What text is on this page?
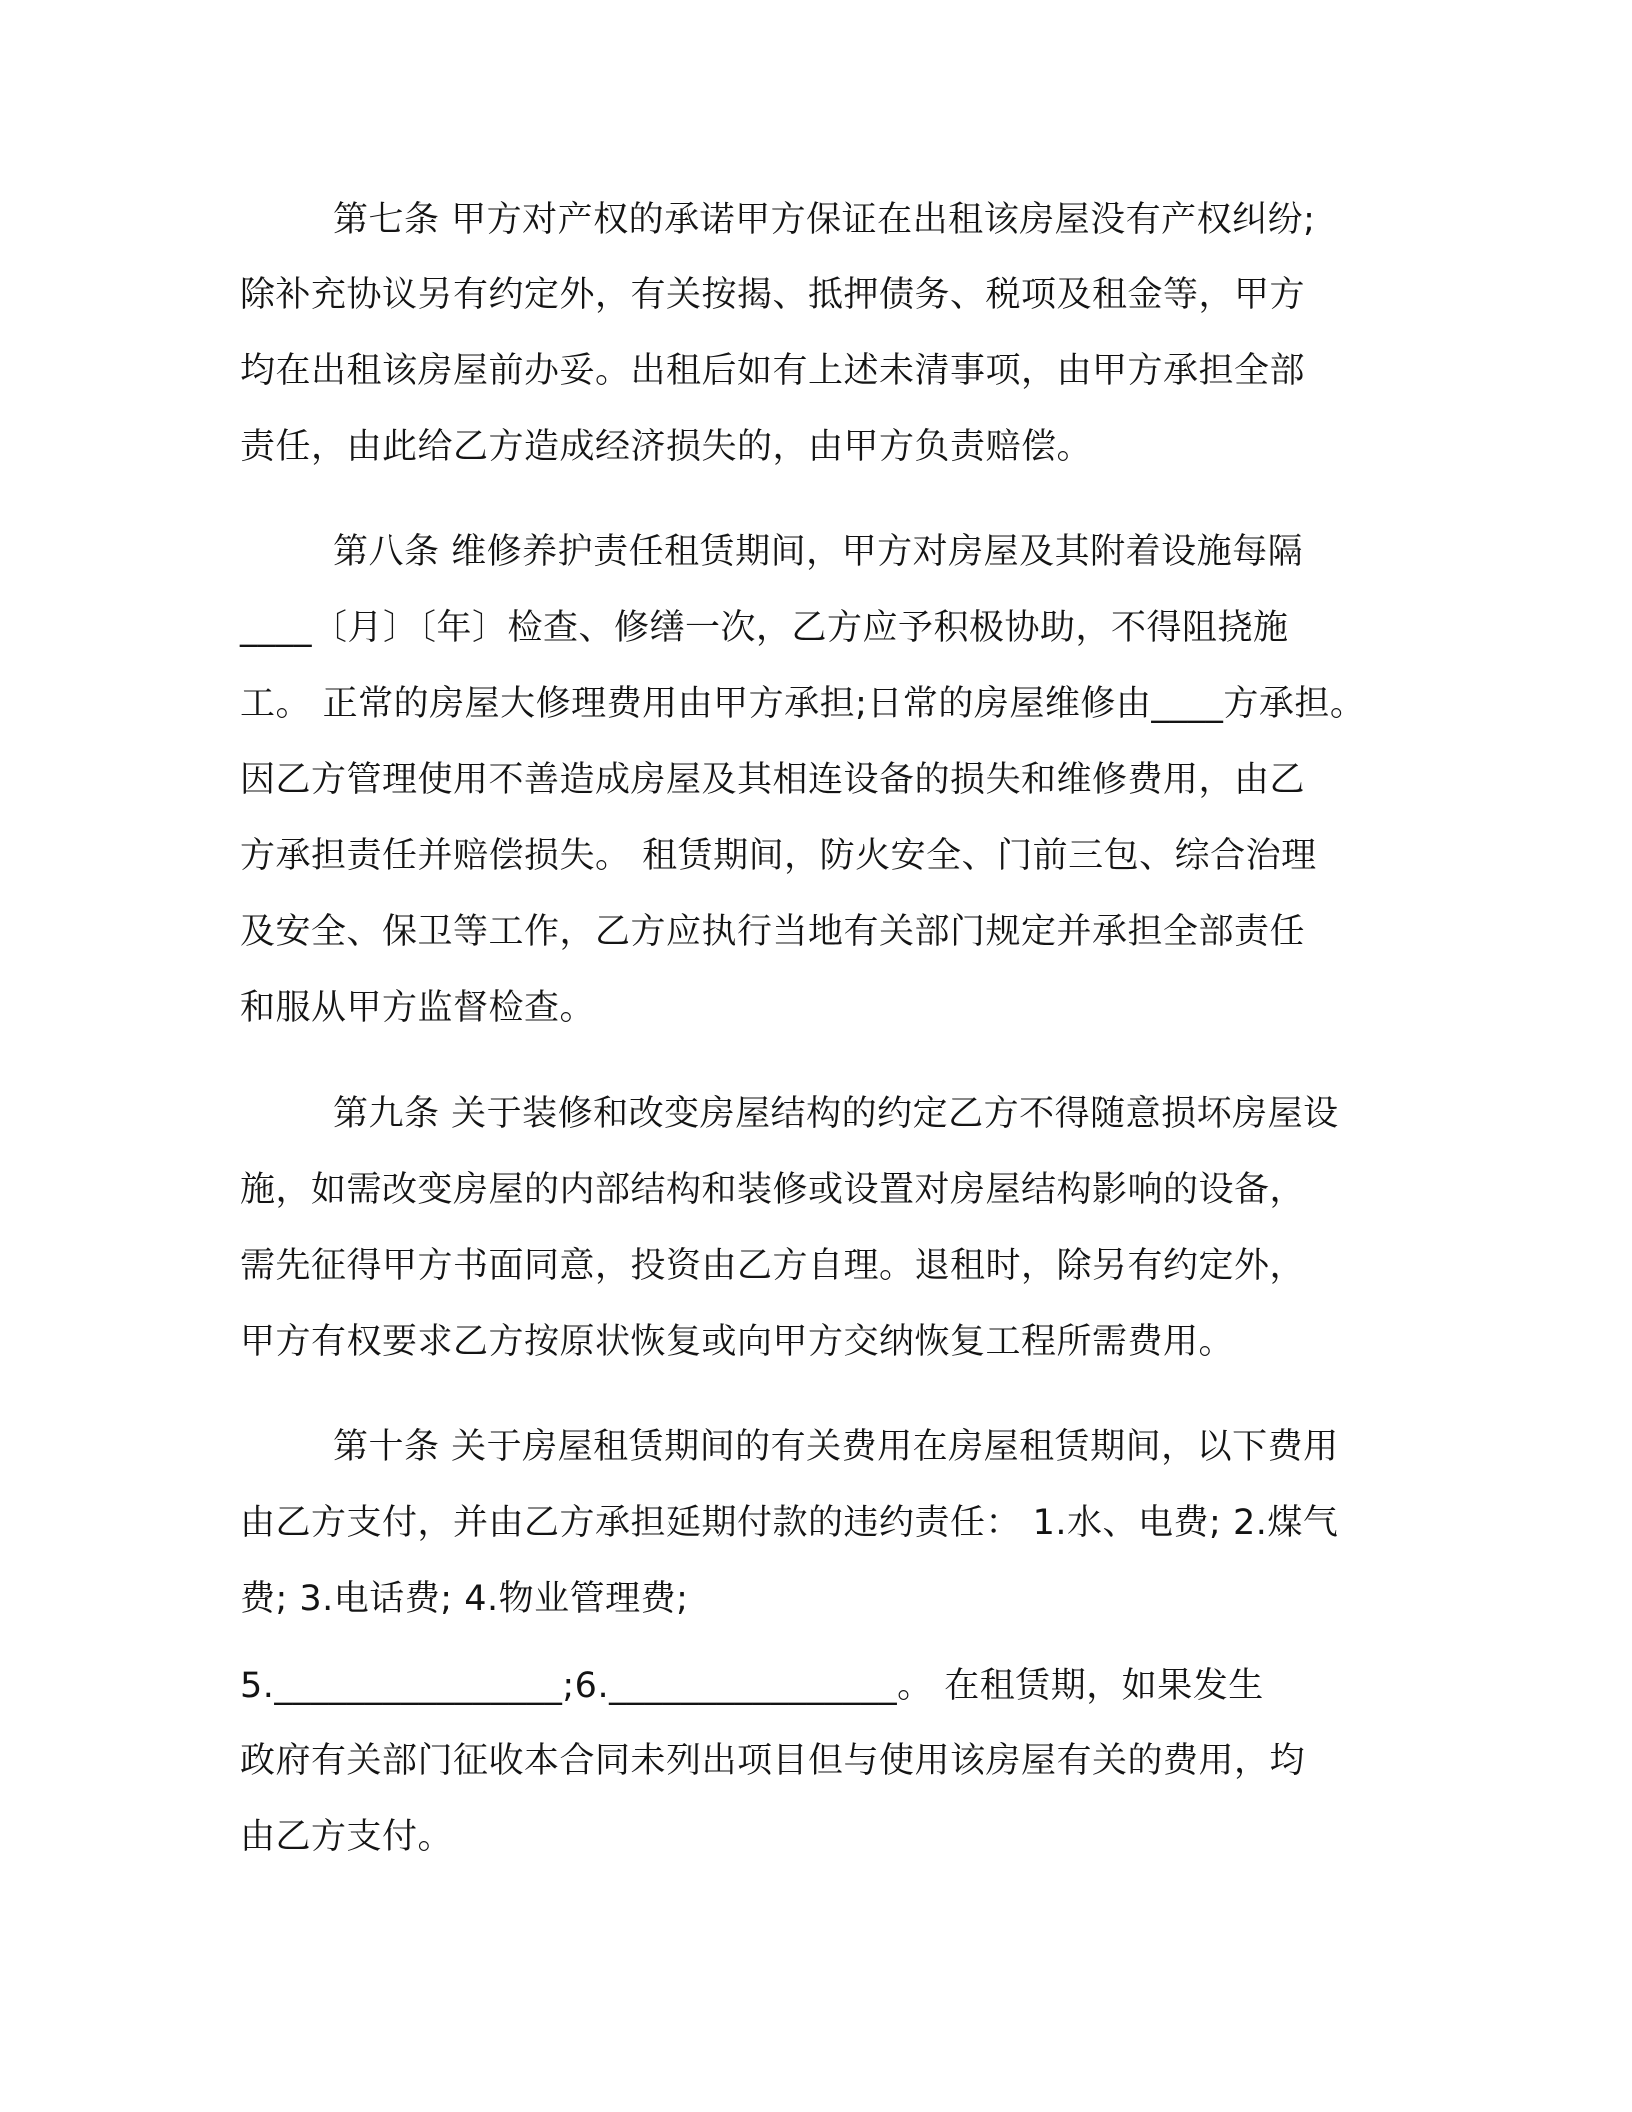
第七条 甲方对产权的承诺甲方保证在出租该房屋没有产权纠纷;
除补充协议另有约定外，有关按揭、抵押债务、税项及租金等，甲方
均在出租该房屋前办妥。出租后如有上述未清事项，由甲方承担全部
责任，由此给乙方造成经济损失的，由甲方负责赔偿。
第八条 维修养护责任租赁期间，甲方对房屋及其附着设施每隔
____〔月〕〔年〕检查、修缮一次，乙方应予积极协助，不得阻挠施
工。 正常的房屋大修理费用由甲方承担;日常的房屋维修由____方承担。
因乙方管理使用不善造成房屋及其相连设备的损失和维修费用，由乙
方承担责任并赔偿损失。 租赁期间，防火安全、门前三包、综合治理
及安全、保卫等工作，乙方应执行当地有关部门规定并承担全部责任
和服从甲方监督检查。
第九条 关于装修和改变房屋结构的约定乙方不得随意损坏房屋设
施，如需改变房屋的内部结构和装修或设置对房屋结构影响的设备，
需先征得甲方书面同意，投资由乙方自理。退租时，除另有约定外，
甲方有权要求乙方按原状恢复或向甲方交纳恢复工程所需费用。
第十条 关于房屋租赁期间的有关费用在房屋租赁期间，以下费用
由乙方支付，并由乙方承担延期付款的违约责任： 1.水、电费; 2.煤气
费; 3.电话费; 4.物业管理费;
5.________________;6.________________。 在租赁期，如果发生
政府有关部门征收本合同未列出项目但与使用该房屋有关的费用，均
由乙方支付。
